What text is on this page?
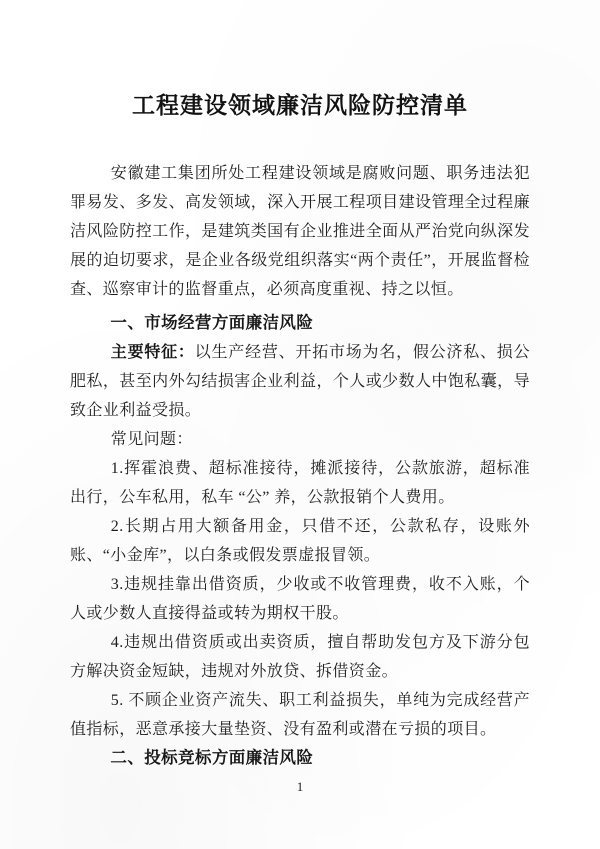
工程建设领域廉洁风险防控清单

安徽建工集团所处工程建设领域是腐败问题、职务违法犯罪易发、多发、高发领域，深入开展工程项目建设管理全过程廉洁风险防控工作，是建筑类国有企业推进全面从严治党向纵深发展的迫切要求，是企业各级党组织落实“两个责任”，开展监督检查、巡察审计的监督重点，必须高度重视、持之以恒。

一、市场经营方面廉洁风险

主要特征：以生产经营、开拓市场为名，假公济私、损公肥私，甚至内外勾结损害企业利益，个人或少数人中饱私囊，导致企业利益受损。

常见问题：

1.挥霍浪费、超标准接待，摊派接待，公款旅游，超标准出行，公车私用，私车 “公” 养，公款报销个人费用。

2.长期占用大额备用金，只借不还，公款私存，设账外账、“小金库”，以白条或假发票虚报冒领。

3.违规挂靠出借资质，少收或不收管理费，收不入账，个人或少数人直接得益或转为期权干股。

4.违规出借资质或出卖资质，擅自帮助发包方及下游分包方解决资金短缺，违规对外放贷、拆借资金。

5. 不顾企业资产流失、职工利益损失，单纯为完成经营产值指标，恶意承接大量垫资、没有盈利或潜在亏损的项目。

二、投标竞标方面廉洁风险

1
